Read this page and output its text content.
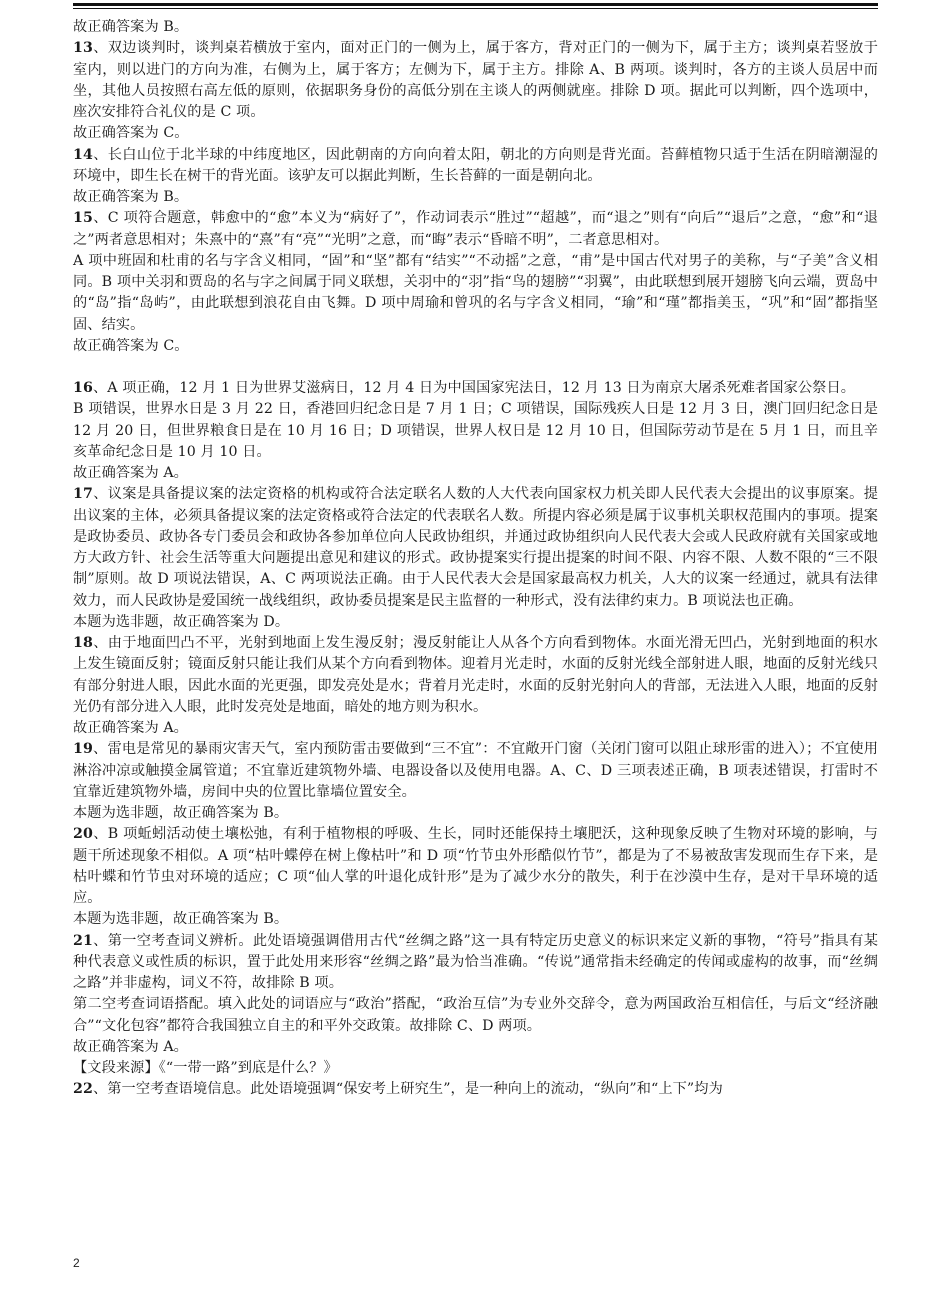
故正确答案为 B。

13、双边谈判时，谈判桌若横放于室内，面对正门的一侧为上，属于客方，背对正门的一侧为下，属于主方；谈判桌若竖放于室内，则以进门的方向为准，右侧为上，属于客方；左侧为下，属于主方。排除 A、B 两项。谈判时，各方的主谈人员居中而坐，其他人员按照右高左低的原则，依据职务身份的高低分别在主谈人的两侧就座。排除 D 项。据此可以判断，四个选项中，座次安排符合礼仪的是 C 项。

故正确答案为 C。

14、长白山位于北半球的中纬度地区，因此朝南的方向向着太阳，朝北的方向则是背光面。苔藓植物只适于生活在阴暗潮湿的环境中，即生长在树干的背光面。该驴友可以据此判断，生长苔藓的一面是朝向北。

故正确答案为 B。

15、C 项符合题意，韩愈中的“愈”本义为“病好了”，作动词表示“胜过”“超越”，而“退之”则有“向后”“退后”之意，“愈”和“退之”两者意思相对；朱熹中的“熹”有“亮”“光明”之意，而“晦”表示“昏暗不明”，二者意思相对。

A 项中班固和杜甫的名与字含义相同，“固”和“坚”都有“结实”“不动摇”之意，“甫”是中国古代对男子的美称，与“子美”含义相同。B 项中关羽和贾岛的名与字之间属于同义联想，关羽中的“羽”指“鸟的翅膀”“羽翼”，由此联想到展开翅膀飞向云端，贾岛中的“岛”指“岛屿”，由此联想到浪花自由飞舞。D 项中周瑜和曾巩的名与字含义相同，“瑜”和“瑾”都指美玉，“巩”和“固”都指坚固、结实。

故正确答案为 C。

16、A 项正确，12 月 1 日为世界艾滋病日，12 月 4 日为中国国家宪法日，12 月 13 日为南京大屠杀死难者国家公祭日。

B 项错误，世界水日是 3 月 22 日，香港回归纪念日是 7 月 1 日；C 项错误，国际残疾人日是 12 月 3 日，澳门回归纪念日是 12 月 20 日，但世界粮食日是在 10 月 16 日；D 项错误，世界人权日是 12 月 10 日，但国际劳动节是在 5 月 1 日，而且辛亥革命纪念日是 10 月 10 日。

故正确答案为 A。

17、议案是具备提议案的法定资格的机构或符合法定联名人数的人大代表向国家权力机关即人民代表大会提出的议事原案。提出议案的主体，必须具备提议案的法定资格或符合法定的代表联名人数。所提内容必须是属于议事机关职权范围内的事项。提案是政协委员、政协各专门委员会和政协各参加单位向人民政协组织，并通过政协组织向人民代表大会或人民政府就有关国家或地方大政方针、社会生活等重大问题提出意见和建议的形式。政协提案实行提出提案的时间不限、内容不限、人数不限的“三不限制”原则。故 D 项说法错误，A、C 两项说法正确。由于人民代表大会是国家最高权力机关，人大的议案一经通过，就具有法律效力，而人民政协是爱国统一战线组织，政协委员提案是民主监督的一种形式，没有法律约束力。B 项说法也正确。

本题为选非题，故正确答案为 D。

18、由于地面凹凸不平，光射到地面上发生漫反射；漫反射能让人从各个方向看到物体。水面光滑无凹凸，光射到地面的积水上发生镜面反射；镜面反射只能让我们从某个方向看到物体。迎着月光走时，水面的反射光线全部射进人眼，地面的反射光线只有部分射进人眼，因此水面的光更强，即发亮处是水；背着月光走时，水面的反射光射向人的背部，无法进入人眼，地面的反射光仍有部分进入人眼，此时发亮处是地面，暗处的地方则为积水。

故正确答案为 A。

19、雷电是常见的暴雨灾害天气，室内预防雷击要做到“三不宜”：不宜敞开门窗（关闭门窗可以阻止球形雷的进入）；不宜使用淋浴冲凉或触摸金属管道；不宜靠近建筑物外墙、电器设备以及使用电器。A、C、D 三项表述正确，B 项表述错误，打雷时不宜靠近建筑物外墙，房间中央的位置比靠墙位置安全。

本题为选非题，故正确答案为 B。

20、B 项蚯蚓活动使土壤松弛，有利于植物根的呼吸、生长，同时还能保持土壤肥沃，这种现象反映了生物对环境的影响，与题干所述现象不相似。A 项“枯叶蝶停在树上像枯叶”和 D 项“竹节虫外形酷似竹节”，都是为了不易被敌害发现而生存下来，是枯叶蝶和竹节虫对环境的适应；C 项“仙人掌的叶退化成针形”是为了减少水分的散失，利于在沙漠中生存，是对干旱环境的适应。

本题为选非题，故正确答案为 B。

21、第一空考查词义辨析。此处语境强调借用古代“丝绸之路”这一具有特定历史意义的标识来定义新的事物，“符号”指具有某种代表意义或性质的标识，置于此处用来形容“丝绸之路”最为恰当准确。“传说”通常指未经确定的传闻或虚构的故事，而“丝绸之路”并非虚构，词义不符，故排除 B 项。

第二空考查词语搭配。填入此处的词语应与“政治”搭配，“政治互信”为专业外交辞令，意为两国政治互相信任，与后文“经济融合”“文化包容”都符合我国独立自主的和平外交政策。故排除 C、D 两项。

故正确答案为 A。

【文段来源】《“一带一路”到底是什么？》

22、第一空考查语境信息。此处语境强调“保安考上研究生”，是一种向上的流动，“纵向”和“上下”均为

2
